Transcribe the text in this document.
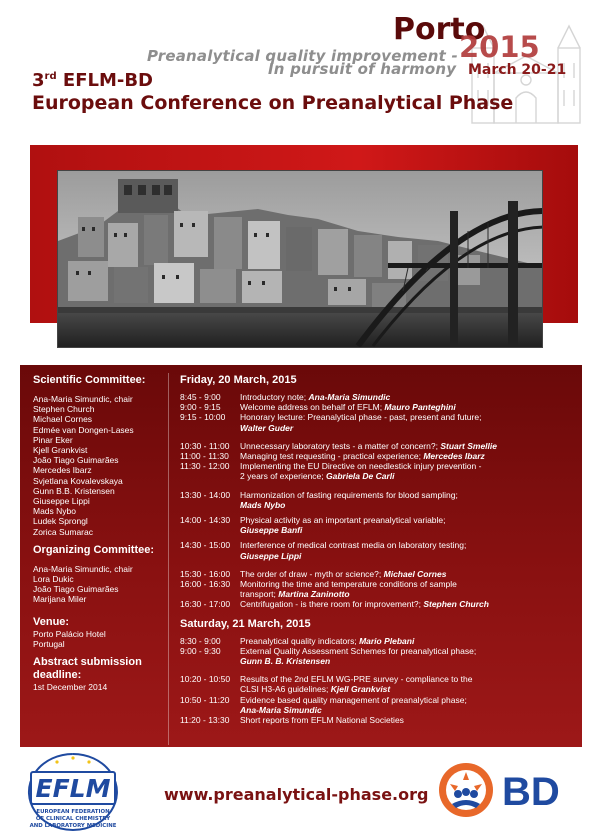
Preanalytical quality improvement -
In pursuit of harmony
Porto
2015
March 20-21
3rd EFLM-BD
European Conference on Preanalytical Phase
Scientific Committee:
Ana-Maria Simundic, chair
Stephen Church
Michael Cornes
Edmée van Dongen-Lases
Pinar Eker
Kjell Grankvist
João Tiago Guimarães
Mercedes Ibarz
Svjetlana Kovalevskaya
Gunn B.B. Kristensen
Giuseppe Lippi
Mads Nybo
Ludek Sprongl
Zorica Sumarac
Organizing Committee:
Ana-Maria Simundic, chair
Lora Dukic
João Tiago Guimarães
Marijana Miler
Venue:
Porto Palácio Hotel
Portugal
Abstract submission
deadline:
1st December 2014
Friday, 20 March, 2015
8:45 - 9:00	Introductory note; Ana-Maria Simundic
9:00 - 9:15	Welcome address on behalf of EFLM; Mauro Panteghini
9:15 - 10:00	Honorary lecture: Preanalytical phase - past, present and future;
Walter Guder
10:30 - 11:00	Unnecessary laboratory tests - a matter of concern?; Stuart Smellie
11:00 - 11:30	Managing test requesting - practical experience; Mercedes Ibarz
11:30 - 12:00	Implementing the EU Directive on needlestick injury prevention -
2 years of experience; Gabriela De Carli
13:30 - 14:00	Harmonization of fasting requirements for blood sampling;
Mads Nybo
14:00 - 14:30	Physical activity as an important preanalytical variable;
Giuseppe Banfi
14:30 - 15:00	Interference of medical contrast media on laboratory testing;
Giuseppe Lippi
15:30 - 16:00	The order of draw - myth or science?; Michael Cornes
16:00 - 16:30	Monitoring the time and temperature conditions of sample
transport; Martina Zaninotto
16:30 - 17:00	Centrifugation - is there room for improvement?; Stephen Church
Saturday, 21 March, 2015
8:30 - 9:00	Preanalytical quality indicators; Mario Plebani
9:00 - 9:30	External Quality Assessment Schemes for preanalytical phase;
Gunn B. B. Kristensen
10:20 - 10:50	Results of the 2nd EFLM WG-PRE survey - compliance to the
CLSI H3-A6 guidelines; Kjell Grankvist
10:50 - 11:20	Evidence based quality management of preanalytical phase;
Ana-Maria Simundic
11:20 - 13:30	Short reports from EFLM National Societies
EFLM
EUROPEAN FEDERATION
OF CLINICAL CHEMISTRY
AND LABORATORY MEDICINE
www.preanalytical-phase.org BD
